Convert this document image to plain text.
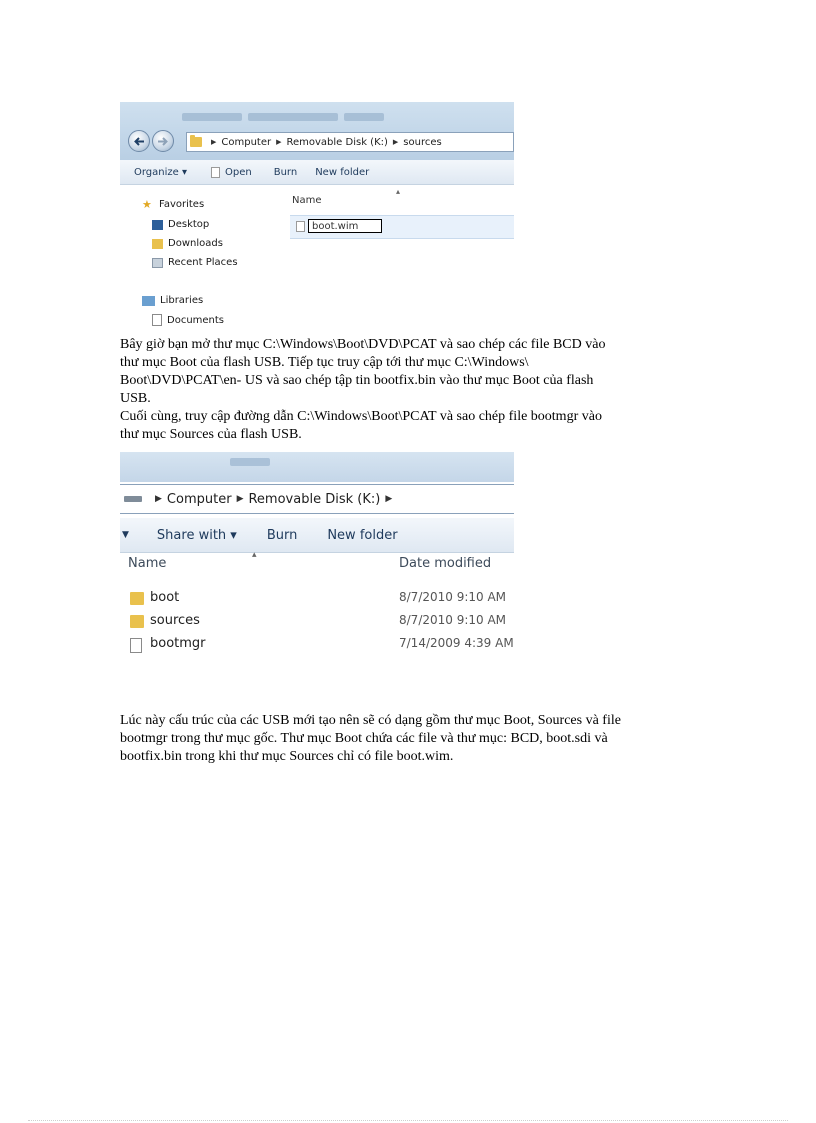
▶ Computer ▶ Removable Disk (K:) ▶ sources
Organize ▾	Open Burn New folder
★ Favorites
Desktop
Downloads
Recent Places
Libraries
Documents
Name
▴
boot.wim
Bây giờ bạn mở thư mục C:\Windows\Boot\DVD\PCAT và sao chép các file BCD vào
thư mục Boot của flash USB. Tiếp tục truy cập tới thư mục C:\Windows\
Boot\DVD\PCAT\en- US và sao chép tập tin bootfix.bin vào thư mục Boot của flash
USB.
Cuối cùng, truy cập đường dẫn C:\Windows\Boot\PCAT và sao chép file bootmgr vào
thư mục Sources của flash USB.
▶ Computer ▶ Removable Disk (K:) ▶
▼ Share with ▾ Burn New folder
Name
▴
Date modified
boot	8/7/2010 9:10 AM
sources	8/7/2010 9:10 AM
bootmgr	7/14/2009 4:39 AM
Lúc này cấu trúc của các USB mới tạo nên sẽ có dạng gồm thư mục Boot, Sources và file
bootmgr trong thư mục gốc. Thư mục Boot chứa các file và thư mục: BCD, boot.sdi và
bootfix.bin trong khi thư mục Sources chỉ có file boot.wim.
